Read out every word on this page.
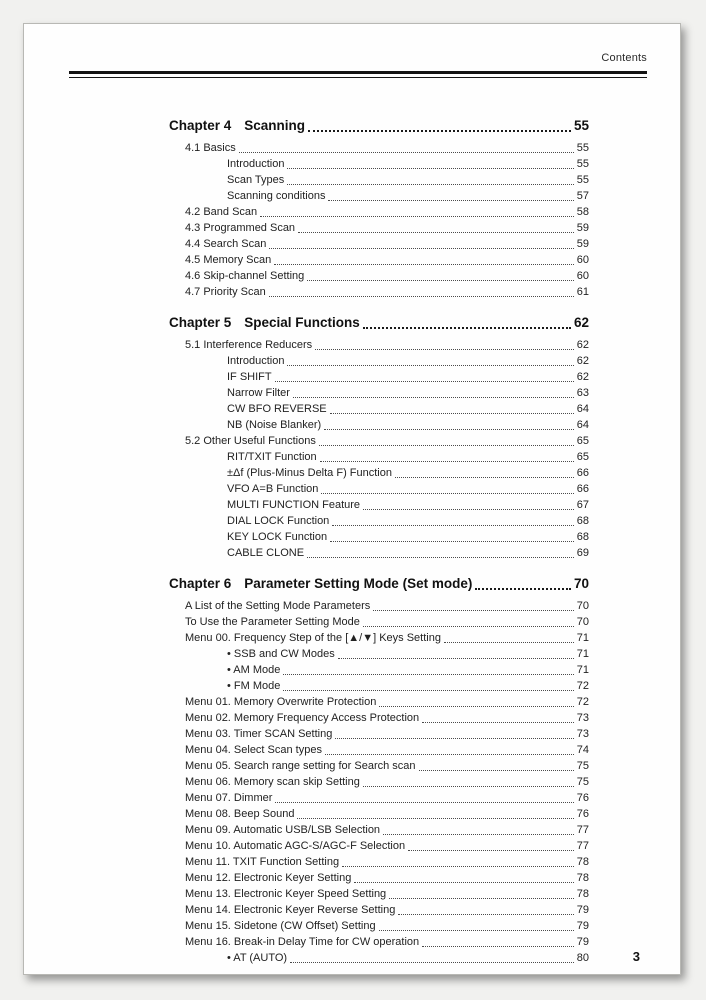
Contents
Chapter 4 Scanning	55
4.1 Basics	55
Introduction	55
Scan Types	55
Scanning conditions	57
4.2 Band Scan	58
4.3 Programmed Scan	59
4.4 Search Scan	59
4.5 Memory Scan	60
4.6 Skip-channel Setting	60
4.7 Priority Scan	61
Chapter 5 Special Functions	62
5.1 Interference Reducers	62
Introduction	62
IF SHIFT	62
Narrow Filter	63
CW BFO REVERSE	64
NB (Noise Blanker)	64
5.2 Other Useful Functions	65
RIT/TXIT Function	65
±Δf (Plus-Minus Delta F) Function	66
VFO A=B Function	66
MULTI FUNCTION Feature	67
DIAL LOCK Function	68
KEY LOCK Function	68
CABLE CLONE	69
Chapter 6 Parameter Setting Mode (Set mode)	70
A List of the Setting Mode Parameters	70
To Use the Parameter Setting Mode	70
Menu 00. Frequency Step of the [▲/▼] Keys Setting	71
• SSB and CW Modes	71
• AM Mode	71
• FM Mode	72
Menu 01. Memory Overwrite Protection	72
Menu 02. Memory Frequency Access Protection	73
Menu 03. Timer SCAN Setting	73
Menu 04. Select Scan types	74
Menu 05. Search range setting for Search scan	75
Menu 06. Memory scan skip Setting	75
Menu 07. Dimmer	76
Menu 08. Beep Sound	76
Menu 09. Automatic USB/LSB Selection	77
Menu 10. Automatic AGC-S/AGC-F Selection	77
Menu 11. TXIT Function Setting	78
Menu 12. Electronic Keyer Setting	78
Menu 13. Electronic Keyer Speed Setting	78
Menu 14. Electronic Keyer Reverse Setting	79
Menu 15. Sidetone (CW Offset) Setting	79
Menu 16. Break-in Delay Time for CW operation	79
• AT (AUTO)	80	3
